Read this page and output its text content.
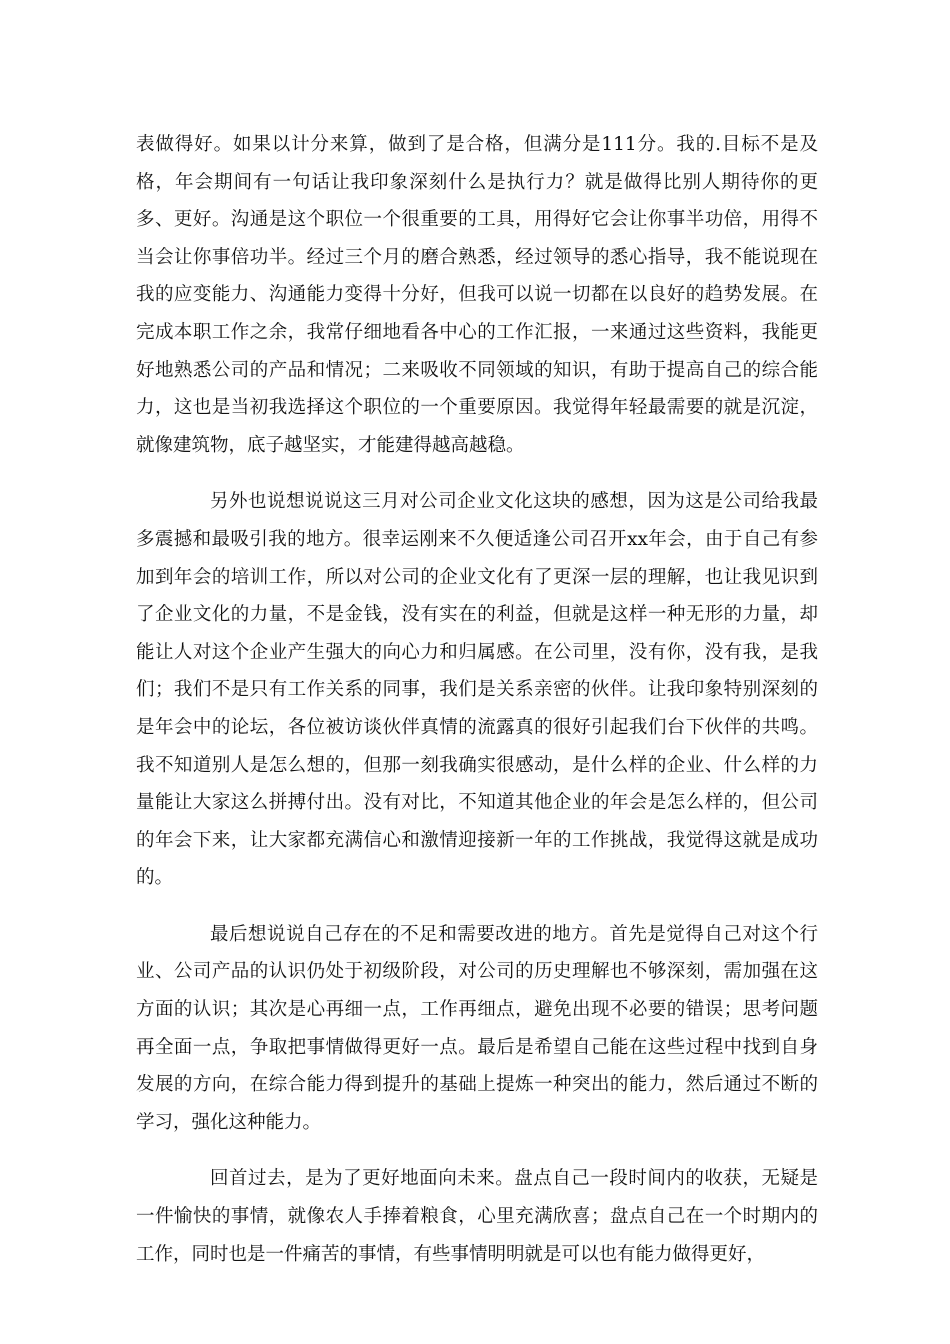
表做得好。如果以计分来算，做到了是合格，但满分是111分。我的.目标不是及格，年会期间有一句话让我印象深刻什么是执行力？就是做得比别人期待你的更多、更好。沟通是这个职位一个很重要的工具，用得好它会让你事半功倍，用得不当会让你事倍功半。经过三个月的磨合熟悉，经过领导的悉心指导，我不能说现在我的应变能力、沟通能力变得十分好，但我可以说一切都在以良好的趋势发展。在完成本职工作之余，我常仔细地看各中心的工作汇报，一来通过这些资料，我能更好地熟悉公司的产品和情况；二来吸收不同领域的知识，有助于提高自己的综合能力，这也是当初我选择这个职位的一个重要原因。我觉得年轻最需要的就是沉淀，就像建筑物，底子越坚实，才能建得越高越稳。

另外也说想说说这三月对公司企业文化这块的感想，因为这是公司给我最多震撼和最吸引我的地方。很幸运刚来不久便适逢公司召开xx年会，由于自己有参加到年会的培训工作，所以对公司的企业文化有了更深一层的理解，也让我见识到了企业文化的力量，不是金钱，没有实在的利益，但就是这样一种无形的力量，却能让人对这个企业产生强大的向心力和归属感。在公司里，没有你，没有我，是我们；我们不是只有工作关系的同事，我们是关系亲密的伙伴。让我印象特别深刻的是年会中的论坛，各位被访谈伙伴真情的流露真的很好引起我们台下伙伴的共鸣。我不知道别人是怎么想的，但那一刻我确实很感动，是什么样的企业、什么样的力量能让大家这么拼搏付出。没有对比，不知道其他企业的年会是怎么样的，但公司的年会下来，让大家都充满信心和激情迎接新一年的工作挑战，我觉得这就是成功的。

最后想说说自己存在的不足和需要改进的地方。首先是觉得自己对这个行业、公司产品的认识仍处于初级阶段，对公司的历史理解也不够深刻，需加强在这方面的认识；其次是心再细一点，工作再细点，避免出现不必要的错误；思考问题再全面一点，争取把事情做得更好一点。最后是希望自己能在这些过程中找到自身发展的方向，在综合能力得到提升的基础上提炼一种突出的能力，然后通过不断的学习，强化这种能力。

回首过去，是为了更好地面向未来。盘点自己一段时间内的收获，无疑是一件愉快的事情，就像农人手捧着粮食，心里充满欣喜；盘点自己在一个时期内的工作，同时也是一件痛苦的事情，有些事情明明就是可以也有能力做得更好，
